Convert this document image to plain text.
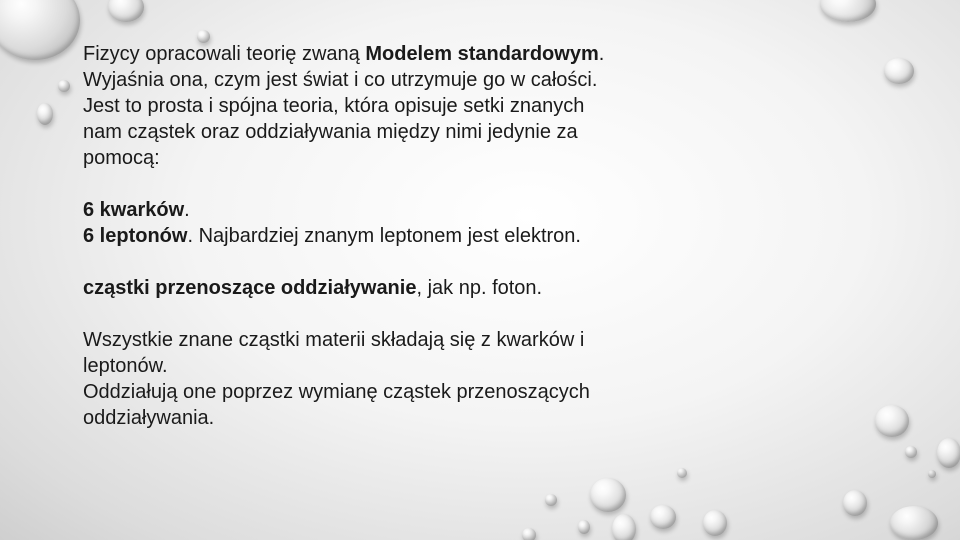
Fizycy opracowali teorię zwaną Modelem standardowym.
Wyjaśnia ona, czym jest świat i co utrzymuje go w całości.
Jest to prosta i spójna teoria, która opisuje setki znanych
nam cząstek oraz oddziaływania między nimi jedynie za
pomocą:

6 kwarków.
6 leptonów. Najbardziej znanym leptonem jest elektron.

cząstki przenoszące oddziaływanie, jak np. foton.

Wszystkie znane cząstki materii składają się z kwarków i
leptonów.
Oddziałują one poprzez wymianę cząstek przenoszących
oddziaływania.
